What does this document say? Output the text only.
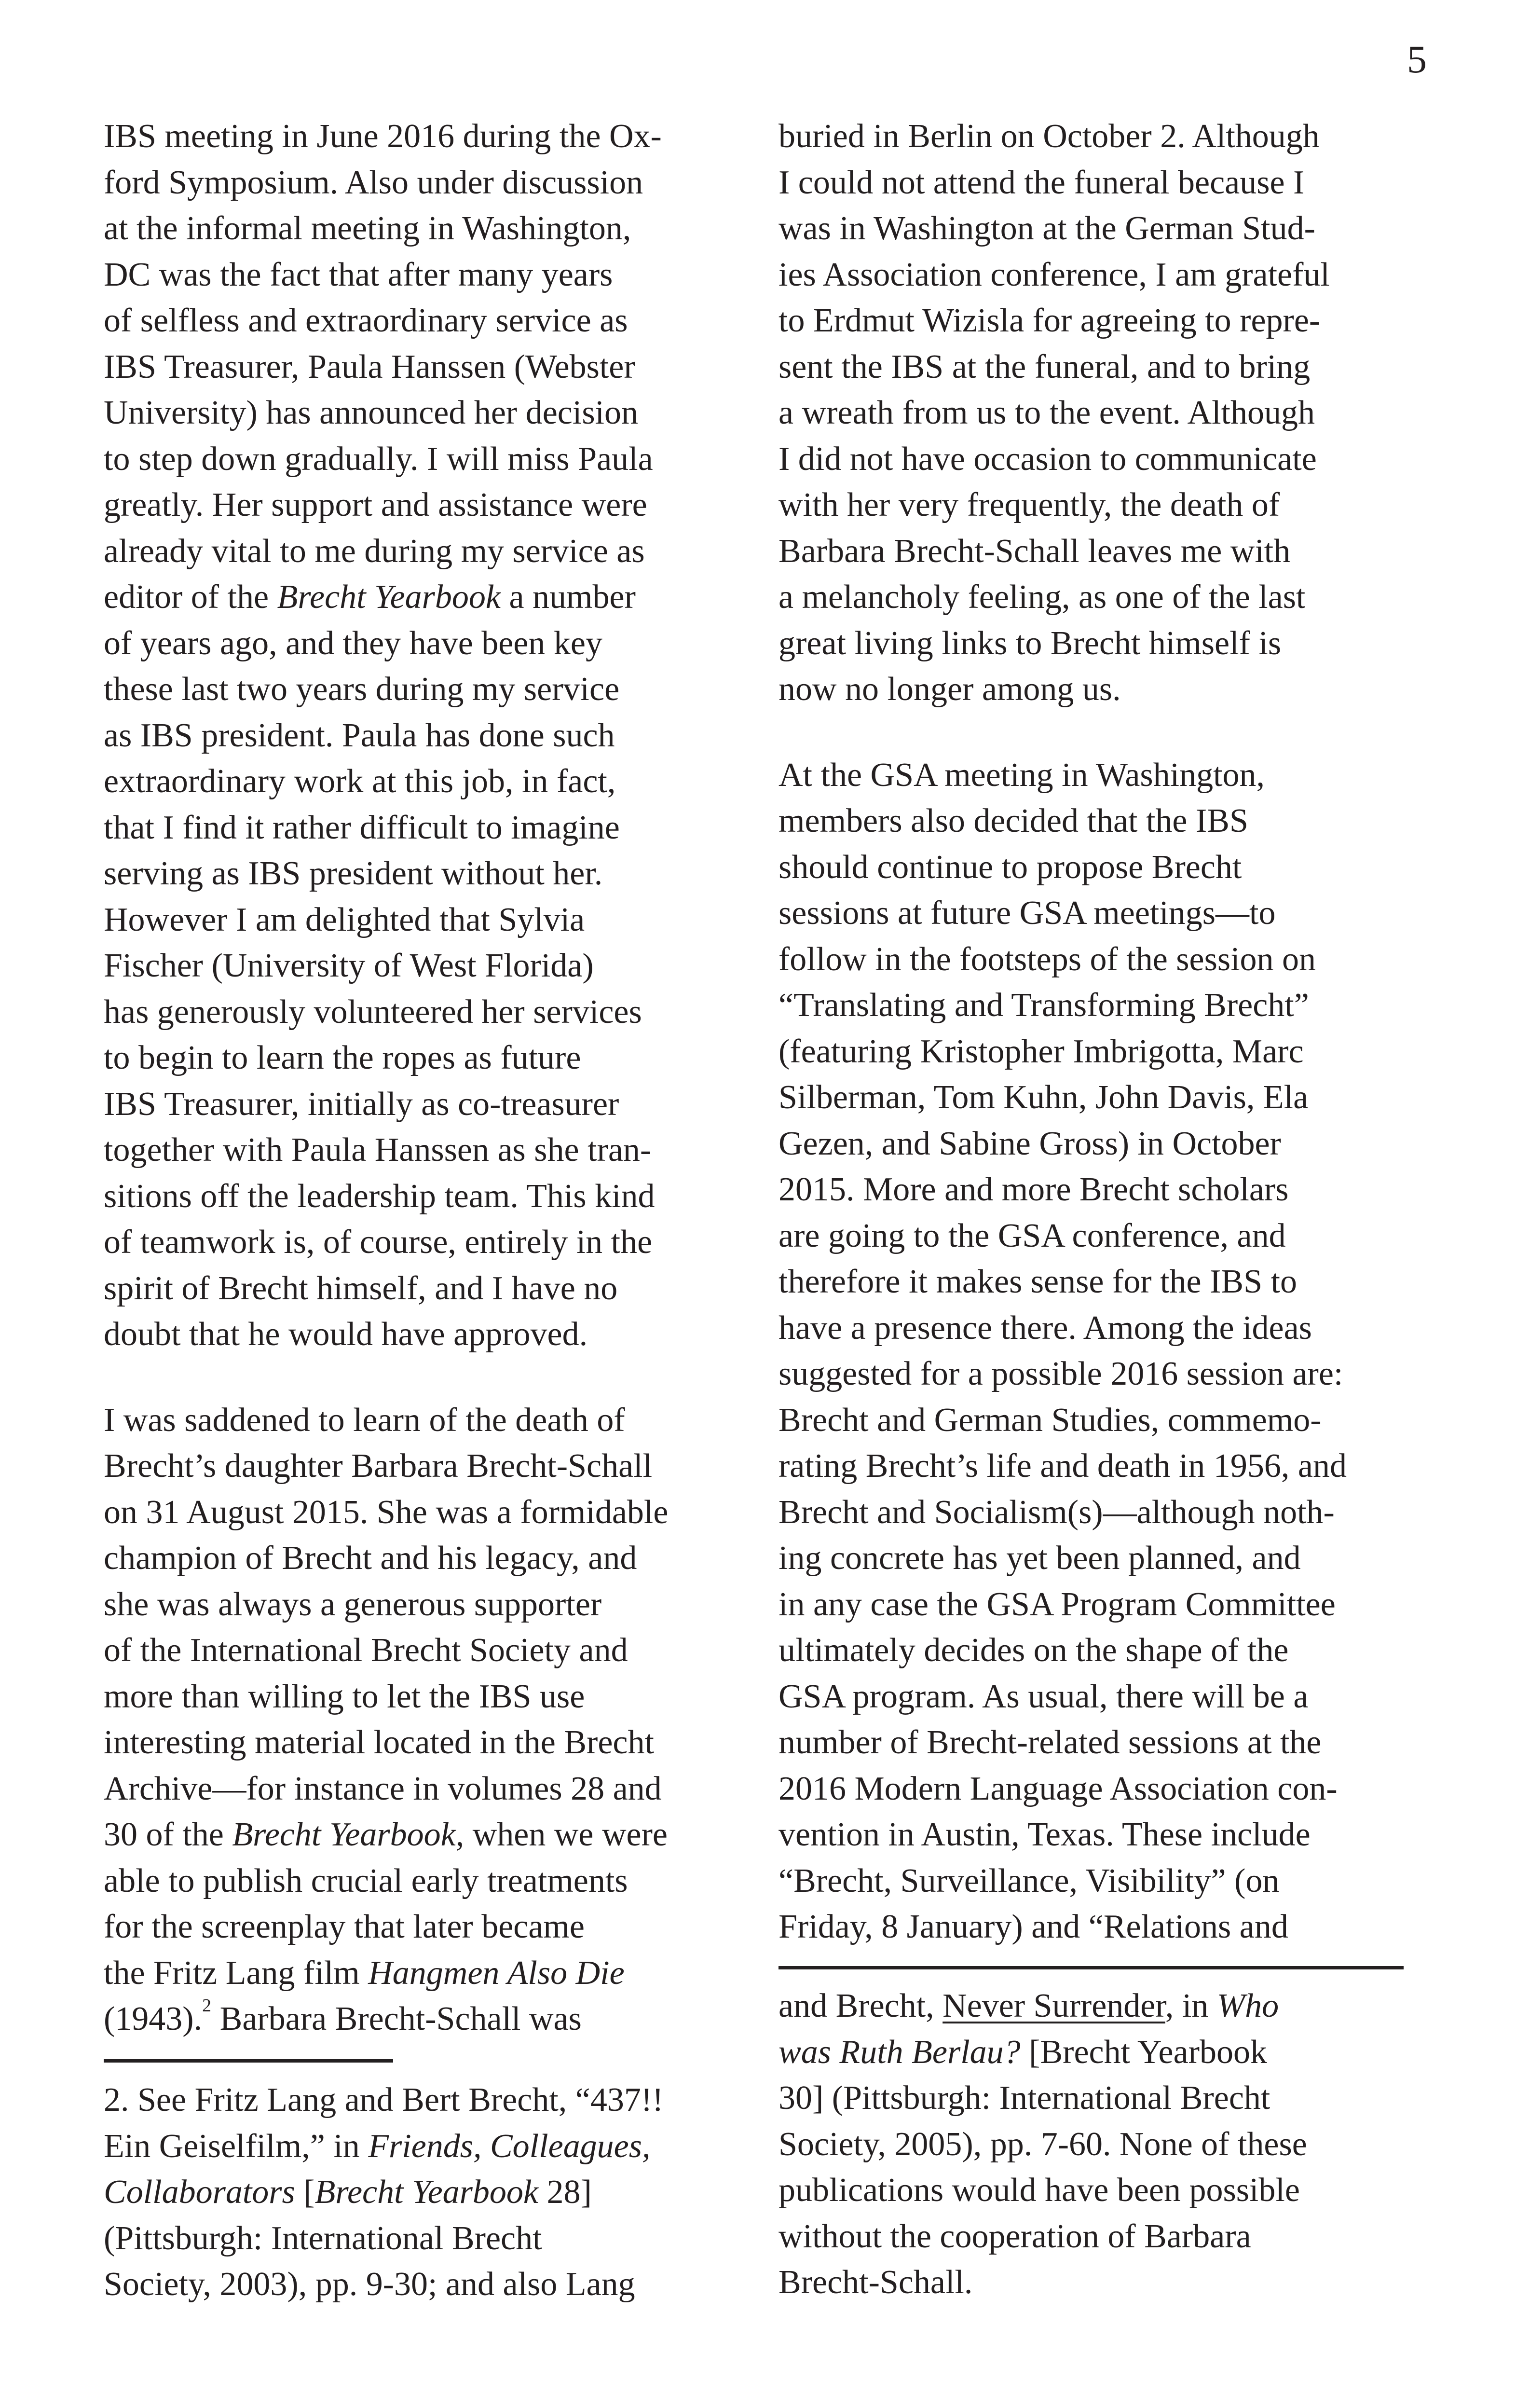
5
IBS meeting in June 2016 during the Ox-
ford Symposium. Also under discussion
at the informal meeting in Washington,
DC was the fact that after many years
of selfless and extraordinary service as
IBS Treasurer, Paula Hanssen (Webster
University) has announced her decision
to step down gradually. I will miss Paula
greatly. Her support and assistance were
already vital to me during my service as
editor of the Brecht Yearbook a number
of years ago, and they have been key
these last two years during my service
as IBS president. Paula has done such
extraordinary work at this job, in fact,
that I find it rather difficult to imagine
serving as IBS president without her.
However I am delighted that Sylvia
Fischer (University of West Florida)
has generously volunteered her services
to begin to learn the ropes as future
IBS Treasurer, initially as co-treasurer
together with Paula Hanssen as she tran-
sitions off the leadership team. This kind
of teamwork is, of course, entirely in the
spirit of Brecht himself, and I have no
doubt that he would have approved.
I was saddened to learn of the death of
Brecht’s daughter Barbara Brecht-Schall
on 31 August 2015. She was a formidable
champion of Brecht and his legacy, and
she was always a generous supporter
of the International Brecht Society and
more than willing to let the IBS use
interesting material located in the Brecht
Archive—for instance in volumes 28 and
30 of the Brecht Yearbook, when we were
able to publish crucial early treatments
for the screenplay that later became
the Fritz Lang film Hangmen Also Die
(1943).$^2$ Barbara Brecht-Schall was
2. See Fritz Lang and Bert Brecht, “437!!
Ein Geiselfilm,” in Friends, Colleagues,
Collaborators [Brecht Yearbook 28]
(Pittsburgh: International Brecht
Society, 2003), pp. 9-30; and also Lang
buried in Berlin on October 2. Although
I could not attend the funeral because I
was in Washington at the German Stud-
ies Association conference, I am grateful
to Erdmut Wizisla for agreeing to repre-
sent the IBS at the funeral, and to bring
a wreath from us to the event. Although
I did not have occasion to communicate
with her very frequently, the death of
Barbara Brecht-Schall leaves me with
a melancholy feeling, as one of the last
great living links to Brecht himself is
now no longer among us.
At the GSA meeting in Washington,
members also decided that the IBS
should continue to propose Brecht
sessions at future GSA meetings—to
follow in the footsteps of the session on
“Translating and Transforming Brecht”
(featuring Kristopher Imbrigotta, Marc
Silberman, Tom Kuhn, John Davis, Ela
Gezen, and Sabine Gross) in October
2015. More and more Brecht scholars
are going to the GSA conference, and
therefore it makes sense for the IBS to
have a presence there. Among the ideas
suggested for a possible 2016 session are:
Brecht and German Studies, commemo-
rating Brecht’s life and death in 1956, and
Brecht and Socialism(s)—although noth-
ing concrete has yet been planned, and
in any case the GSA Program Committee
ultimately decides on the shape of the
GSA program. As usual, there will be a
number of Brecht-related sessions at the
2016 Modern Language Association con-
vention in Austin, Texas. These include
“Brecht, Surveillance, Visibility” (on
Friday, 8 January) and “Relations and
and Brecht, Never Surrender, in Who
was Ruth Berlau? [Brecht Yearbook
30] (Pittsburgh: International Brecht
Society, 2005), pp. 7-60. None of these
publications would have been possible
without the cooperation of Barbara
Brecht-Schall.
